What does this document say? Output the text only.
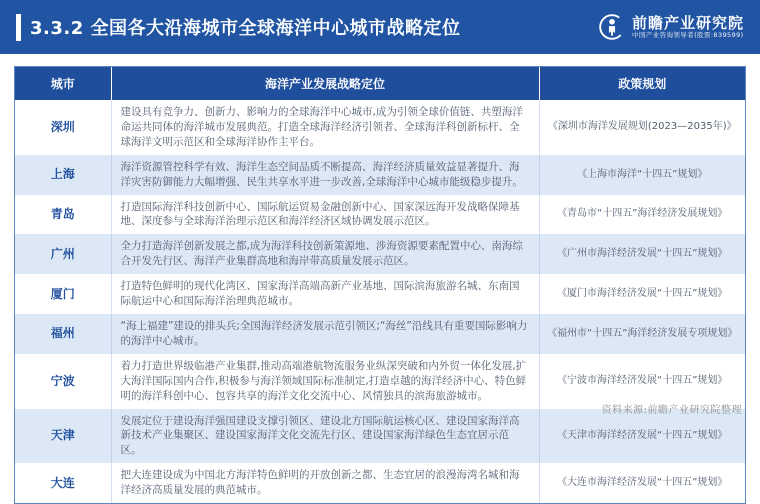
3.3.2 全国各大沿海城市全球海洋中心城市战略定位	前瞻产业研究院
中国产业咨询领导者(股票:839599)
城市	海洋产业发展战略定位	政策规划
深圳	建设具有竞争力、创新力、影响力的全球海洋中心城市,成为引领全球价值链、共塑海洋命运共同体的海洋城市发展典范。打造全球海洋经济引领者、全球海洋科创新标杆、全球海洋文明示范区和全球海洋协作主平台。	《深圳市海洋发展规划(2023—2035年)》
上海	海洋资源管控科学有效、海洋生态空间品质不断提高、海洋经济质量效益显著提升、海洋灾害防御能力大幅增强、民生共享水平进一步改善,全球海洋中心城市能级稳步提升。	《上海市海洋“十四五”规划》
青岛	打造国际海洋科技创新中心、国际航运贸易金融创新中心、国家深远海开发战略保障基地、深度参与全球海洋治理示范区和海洋经济区域协调发展示范区。	《青岛市“十四五”海洋经济发展规划》
广州	全力打造海洋创新发展之都,成为海洋科技创新策源地、涉海资源要素配置中心、南海综合开发先行区、海洋产业集群高地和海岸带高质量发展示范区。	《广州市海洋经济发展“十四五”规划》
厦门	打造特色鲜明的现代化湾区、国家海洋高端高新产业基地、国际滨海旅游名城、东南国际航运中心和国际海洋治理典范城市。	《厦门市海洋经济发展“十四五”规划》
福州	“海上福建”建设的排头兵;全国海洋经济发展示范引领区;“海丝”沿线具有重要国际影响力的海洋中心城市。	《福州市“十四五”海洋经济发展专项规划》
宁波	着力打造世界级临港产业集群,推动高端港航物流服务业纵深突破和内外贸一体化发展,扩大海洋国际国内合作,积极参与海洋领域国际标准制定,打造卓越的海洋经济中心、特色鲜明的海洋科创中心、包容共享的海洋文化交流中心、风情独具的滨海旅游城市。	《宁波市海洋经济发展“十四五”规划》
天津	发展定位于建设海洋强国建设支撑引领区、建设北方国际航运核心区、建设国家海洋高新技术产业集聚区、建设国家海洋文化交流先行区、建设国家海洋绿色生态宜居示范区。	《天津市海洋经济发展“十四五”规划》
大连	把大连建设成为中国北方海洋特色鲜明的开放创新之都、生态宜居的浪漫海湾名城和海洋经济高质量发展的典范城市。	《大连市海洋经济发展“十四五”规划》
资料来源:前瞻产业研究院整理
